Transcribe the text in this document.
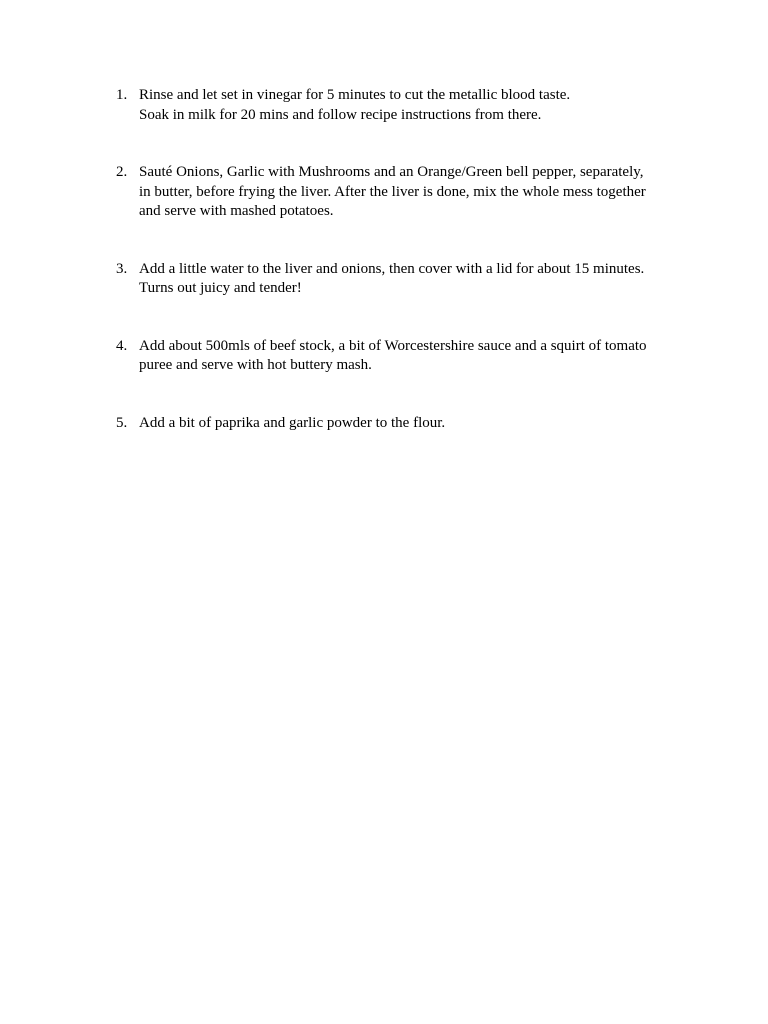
1. Rinse and let set in vinegar for 5 minutes to cut the metallic blood taste.
Soak in milk for 20 mins and follow recipe instructions from there.
2. Sauté Onions, Garlic with Mushrooms and an Orange/Green bell pepper, separately,
in butter, before frying the liver. After the liver is done, mix the whole mess together
and serve with mashed potatoes.
3. Add a little water to the liver and onions, then cover with a lid for about 15 minutes.
Turns out juicy and tender!
4. Add about 500mls of beef stock, a bit of Worcestershire sauce and a squirt of tomato
puree and serve with hot buttery mash.
5. Add a bit of paprika and garlic powder to the flour.
